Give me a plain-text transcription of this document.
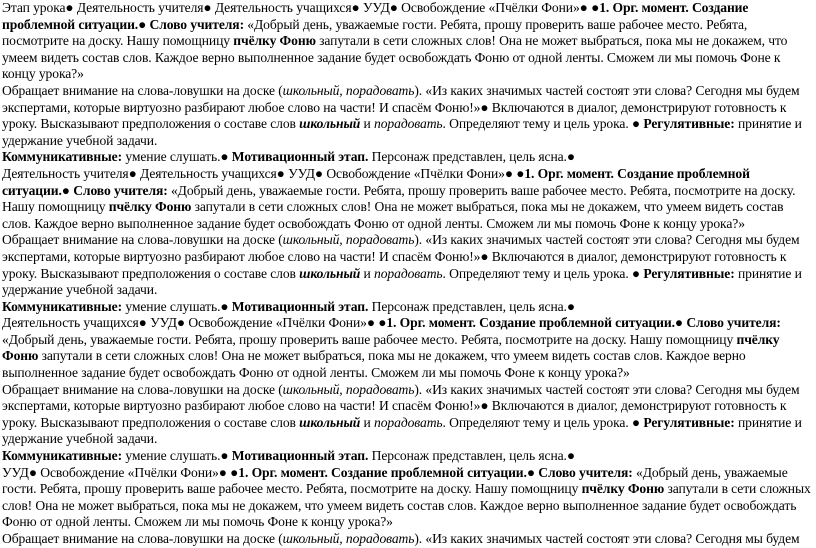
Этап урока● Деятельность учителя● Деятельность учащихся● УУД● Освобождение «Пчёлки Фони»● ●1. Орг. момент. Создание проблемной ситуации.● Слово учителя: «Добрый день, уважаемые гости. Ребята, прошу проверить ваше рабочее место. Ребята, посмотрите на доску. Нашу помощницу пчёлку Фоню запутали в сети сложных слов! Она не может выбраться, пока мы не докажем, что умеем видеть состав слов. Каждое верно выполненное задание будет освобождать Фоню от одной ленты. Сможем ли мы помочь Фоне к концу урока?»

Обращает внимание на слова-ловушки на доске (школьный, порадовать). «Из каких значимых частей состоят эти слова? Сегодня мы будем экспертами, которые виртуозно разбирают любое слово на части! И спасём Фоню!»● Включаются в диалог, демонстрируют готовность к уроку. Высказывают предположения о составе слов школьный и порадовать. Определяют тему и цель урока. ● Регулятивные: принятие и удержание учебной задачи.

Коммуникативные: умение слушать.● Мотивационный этап. Персонаж представлен, цель ясна.●

Деятельность учителя● Деятельность учащихся● УУД● Освобождение «Пчёлки Фони»● ●1. Орг. момент. Создание проблемной ситуации.● Слово учителя: «Добрый день, уважаемые гости. Ребята, прошу проверить ваше рабочее место. Ребята, посмотрите на доску. Нашу помощницу пчёлку Фоню запутали в сети сложных слов! Она не может выбраться, пока мы не докажем, что умеем видеть состав слов. Каждое верно выполненное задание будет освобождать Фоню от одной ленты. Сможем ли мы помочь Фоне к концу урока?»

Обращает внимание на слова-ловушки на доске (школьный, порадовать). «Из каких значимых частей состоят эти слова? Сегодня мы будем экспертами, которые виртуозно разбирают любое слово на части! И спасём Фоню!»● Включаются в диалог, демонстрируют готовность к уроку. Высказывают предположения о составе слов школьный и порадовать. Определяют тему и цель урока. ● Регулятивные: принятие и удержание учебной задачи.

Коммуникативные: умение слушать.● Мотивационный этап. Персонаж представлен, цель ясна.●

Деятельность учащихся● УУД● Освобождение «Пчёлки Фони»● ●1. Орг. момент. Создание проблемной ситуации.● Слово учителя: «Добрый день, уважаемые гости. Ребята, прошу проверить ваше рабочее место. Ребята, посмотрите на доску. Нашу помощницу пчёлку Фоню запутали в сети сложных слов! Она не может выбраться, пока мы не докажем, что умеем видеть состав слов. Каждое верно выполненное задание будет освобождать Фоню от одной ленты. Сможем ли мы помочь Фоне к концу урока?»

Обращает внимание на слова-ловушки на доске (школьный, порадовать). «Из каких значимых частей состоят эти слова? Сегодня мы будем экспертами, которые виртуозно разбирают любое слово на части! И спасём Фоню!»● Включаются в диалог, демонстрируют готовность к уроку. Высказывают предположения о составе слов школьный и порадовать. Определяют тему и цель урока. ● Регулятивные: принятие и удержание учебной задачи.

Коммуникативные: умение слушать.● Мотивационный этап. Персонаж представлен, цель ясна.●

УУД● Освобождение «Пчёлки Фони»● ●1. Орг. момент. Создание проблемной ситуации.● Слово учителя: «Добрый день, уважаемые гости. Ребята, прошу проверить ваше рабочее место. Ребята, посмотрите на доску. Нашу помощницу пчёлку Фоню запутали в сети сложных слов! Она не может выбраться, пока мы не докажем, что умеем видеть состав слов. Каждое верно выполненное задание будет освобождать Фоню от одной ленты. Сможем ли мы помочь Фоне к концу урока?»

Обращает внимание на слова-ловушки на доске (школьный, порадовать). «Из каких значимых частей состоят эти слова? Сегодня мы будем
